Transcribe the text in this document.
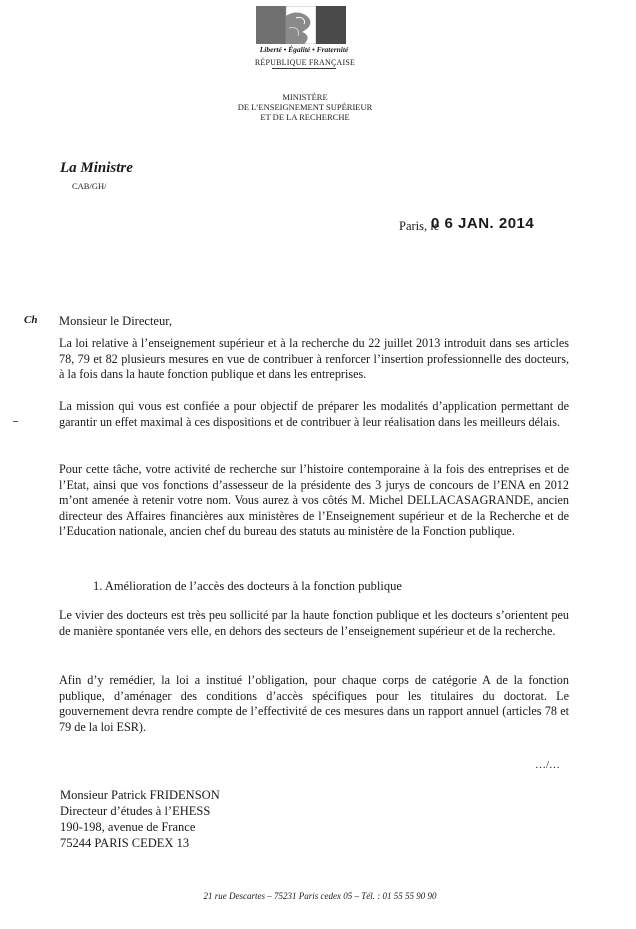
Liberté • Égalité • Fraternité
RÉPUBLIQUE FRANÇAISE
MINISTÈRE
DE L’ENSEIGNEMENT SUPÉRIEUR
ET DE LA RECHERCHE
La Ministre
CAB/GH/
Paris, le
0 6 JAN. 2014
Ch Monsieur le Directeur,
La loi relative à l’enseignement supérieur et à la recherche du 22 juillet 2013 introduit dans ses articles 78, 79 et 82 plusieurs mesures en vue de contribuer à renforcer l’insertion professionnelle des docteurs, à la fois dans la haute fonction publique et dans les entreprises.
La mission qui vous est confiée a pour objectif de préparer les modalités d’application permettant de garantir un effet maximal à ces dispositions et de contribuer à leur réalisation dans les meilleurs délais.
Pour cette tâche, votre activité de recherche sur l’histoire contemporaine à la fois des entreprises et de l’Etat, ainsi que vos fonctions d’assesseur de la présidente des 3 jurys de concours de l’ENA en 2012 m’ont amenée à retenir votre nom. Vous aurez à vos côtés M. Michel DELLACASAGRANDE, ancien directeur des Affaires financières aux ministères de l’Enseignement supérieur et de la Recherche et de l’Education nationale, ancien chef du bureau des statuts au ministère de la Fonction publique.
1. Amélioration de l’accès des docteurs à la fonction publique
Le vivier des docteurs est très peu sollicité par la haute fonction publique et les docteurs s’orientent peu de manière spontanée vers elle, en dehors des secteurs de l’enseignement supérieur et de la recherche.
Afin d’y remédier, la loi a institué l’obligation, pour chaque corps de catégorie A de la fonction publique, d’aménager des conditions d’accès spécifiques pour les titulaires du doctorat. Le gouvernement devra rendre compte de l’effectivité de ces mesures dans un rapport annuel (articles 78 et 79 de la loi ESR).
…/…
Monsieur Patrick FRIDENSON
Directeur d’études à l’EHESS
190-198, avenue de France
75244 PARIS CEDEX 13
21 rue Descartes – 75231 Paris cedex 05 – Tél. : 01 55 55 90 90
